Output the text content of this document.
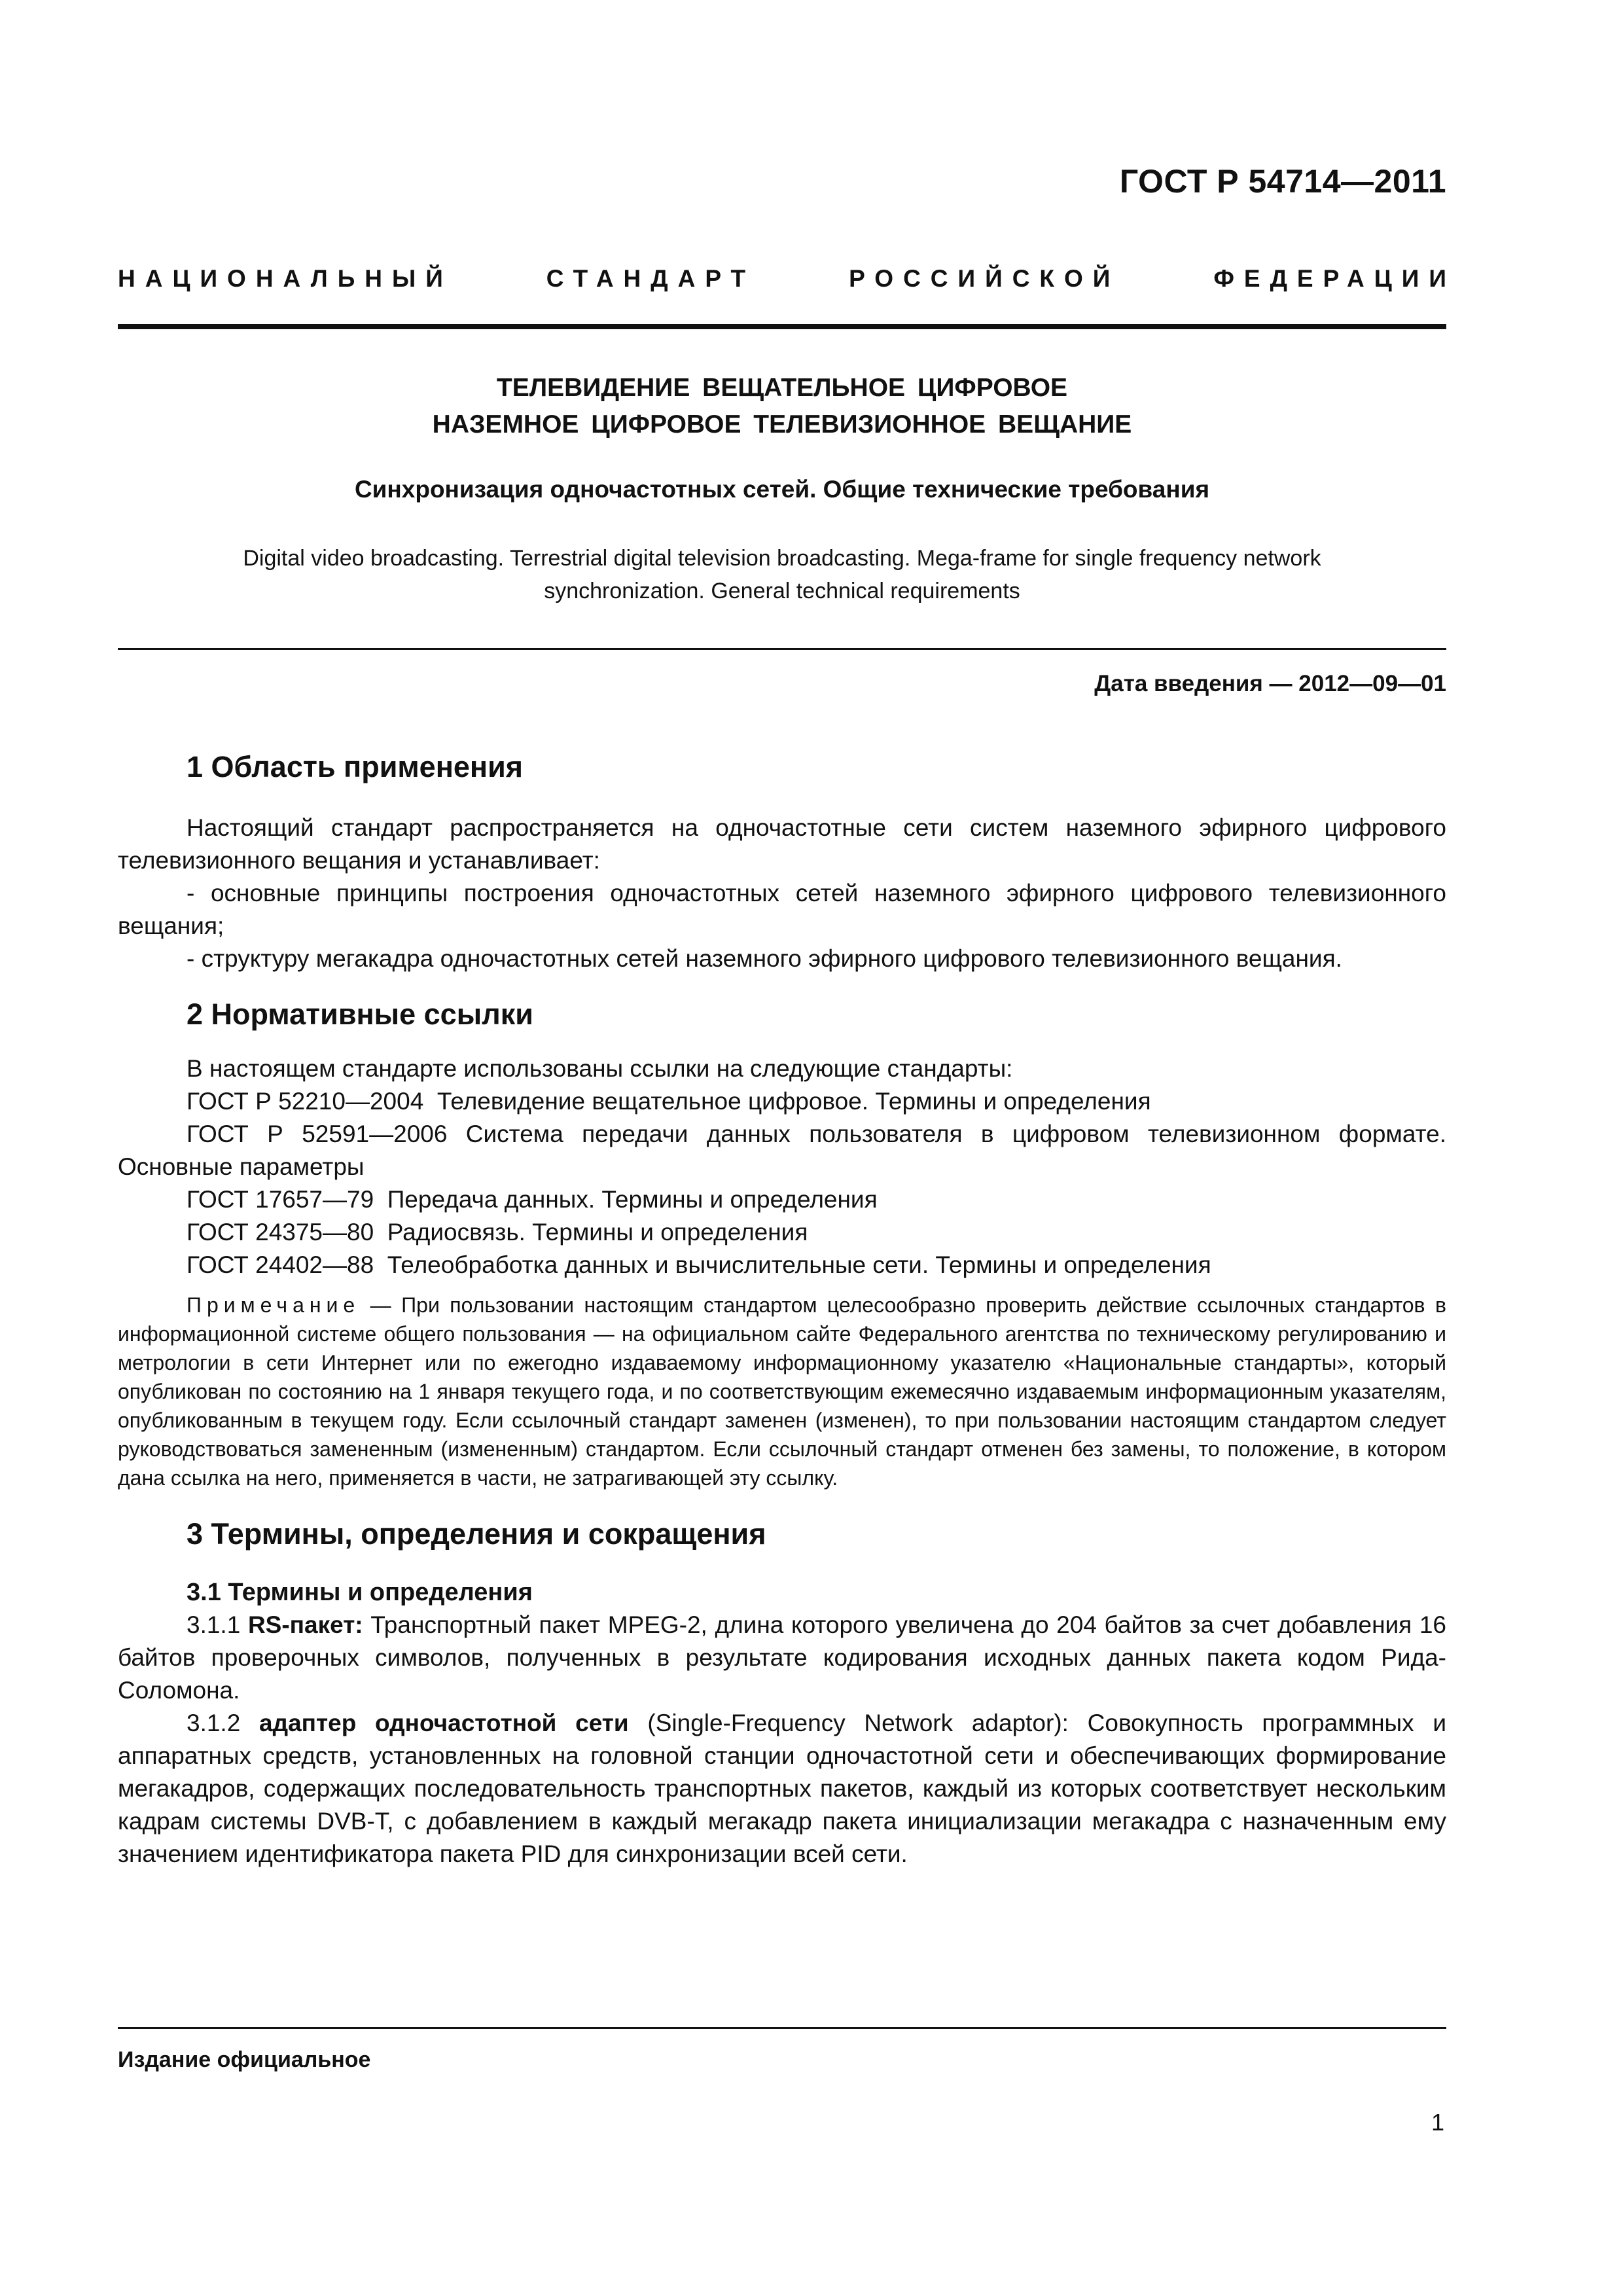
ГОСТ Р 54714—2011
НАЦИОНАЛЬНЫЙ	СТАНДАРТ	РОССИЙСКОЙ	ФЕДЕРАЦИИ
ТЕЛЕВИДЕНИЕ ВЕЩАТЕЛЬНОЕ ЦИФРОВОЕ
НАЗЕМНОЕ ЦИФРОВОЕ ТЕЛЕВИЗИОННОЕ ВЕЩАНИЕ
Синхронизация одночастотных сетей. Общие технические требования
Digital video broadcasting. Terrestrial digital television broadcasting. Mega-frame for single frequency network
synchronization. General technical requirements
Дата введения — 2012—09—01
1 Область применения

Настоящий стандарт распространяется на одночастотные сети систем наземного эфирного цифрового телевизионного вещания и устанавливает:

- основные принципы построения одночастотных сетей наземного эфирного цифрового телевизионного вещания;

- структуру мегакадра одночастотных сетей наземного эфирного цифрового телевизионного вещания.

2 Нормативные ссылки

В настоящем стандарте использованы ссылки на следующие стандарты:

ГОСТ Р 52210—2004  Телевидение вещательное цифровое. Термины и определения

ГОСТ Р 52591—2006 Система передачи данных пользователя в цифровом телевизионном формате. Основные параметры

ГОСТ 17657—79  Передача данных. Термины и определения
ГОСТ 24375—80  Радиосвязь. Термины и определения
ГОСТ 24402—88  Телеобработка данных и вычислительные сети. Термины и определения

Примечание — При пользовании настоящим стандартом целесообразно проверить действие ссылочных стандартов в информационной системе общего пользования — на официальном сайте Федерального агентства по техническому регулированию и метрологии в сети Интернет или по ежегодно издаваемому информационному указателю «Национальные стандарты», который опубликован по состоянию на 1 января текущего года, и по соответствующим ежемесячно издаваемым информационным указателям, опубликованным в текущем году. Если ссылочный стандарт заменен (изменен), то при пользовании настоящим стандартом следует руководствоваться замененным (измененным) стандартом. Если ссылочный стандарт отменен без замены, то положение, в котором дана ссылка на него, применяется в части, не затрагивающей эту ссылку.

3 Термины, определения и сокращения
3.1 Термины и определения

3.1.1 RS-пакет: Транспортный пакет MPEG-2, длина которого увеличена до 204 байтов за счет добавления 16 байтов проверочных символов, полученных в результате кодирования исходных данных пакета кодом Рида-Соломона.

3.1.2 адаптер одночастотной сети (Single-Frequency Network adaptor): Совокупность программных и аппаратных средств, установленных на головной станции одночастотной сети и обеспечивающих формирование мегакадров, содержащих последовательность транспортных пакетов, каждый из которых соответствует нескольким кадрам системы DVB-T, с добавлением в каждый мегакадр пакета инициализации мегакадра с назначенным ему значением идентификатора пакета PID для синхронизации всей сети.

Издание официальное
1
